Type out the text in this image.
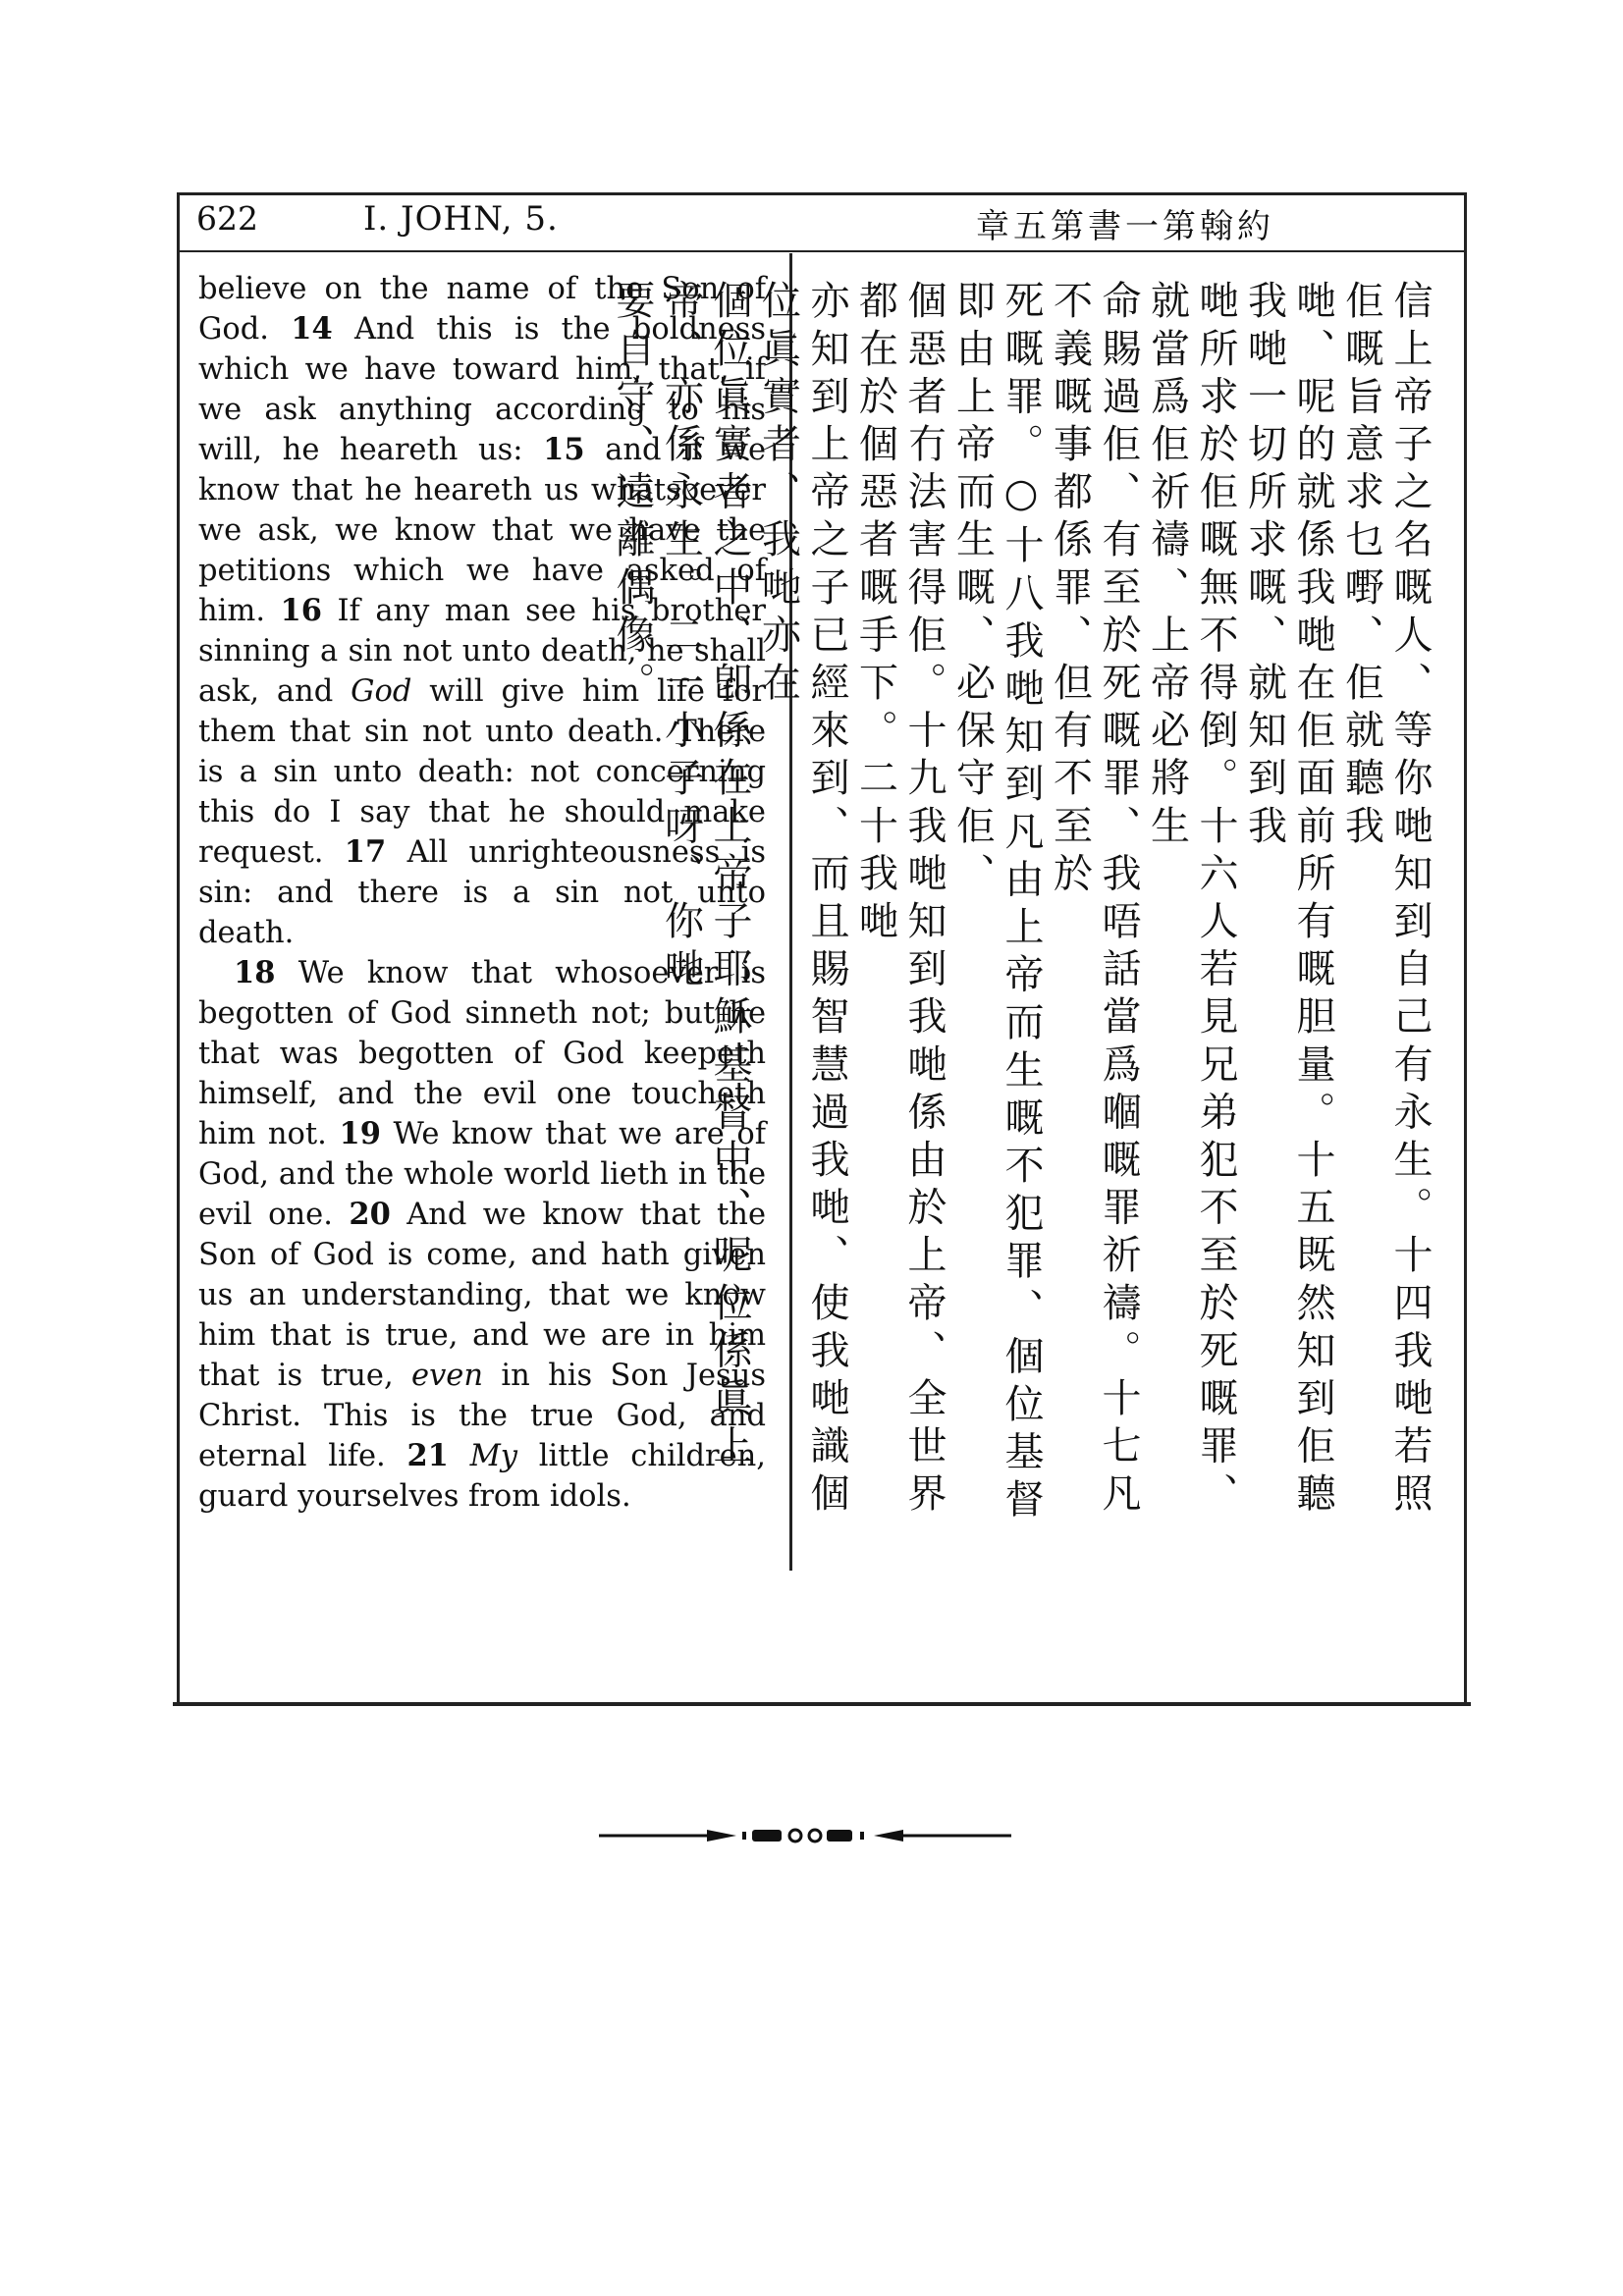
622	I. JOHN, 5.	約翰第一書第五章

believe on the name of the Son of God. 14 And this is the boldness which we have toward him, that, if we ask anything according to his will, he heareth us: 15 and if we know that he heareth us whatsoever we ask, we know that we have the petitions which we have asked of him. 16 If any man see his brother sinning a sin not unto death, he shall ask, and God will give him life for them that sin not unto death. There is a sin unto death: not concerning this do I say that he should make request. 17 All unrighteousness is sin: and there is a sin not unto death.

18 We know that whosoever is begotten of God sinneth not; but he that was begotten of God keepeth himself, and the evil one toucheth him not. 19 We know that we are of God, and the whole world lieth in the evil one. 20 And we know that the Son of God is come, and hath given us an understanding, that we know him that is true, and we are in him that is true, even in his Son Jesus Christ. This is the true God, and eternal life. 21 My little children, guard yourselves from idols.	信上帝子之名嘅人、等你哋知到自己有永生。十四我哋若照佢嘅旨意求乜嘢、佢就聽我
哋、呢的就係我哋在佢面前所有嘅胆量。十五既然知到佢聽我哋一切所求嘅、就知到我
哋所求於佢嘅無不得倒。十六人若見兄弟犯不至於死嘅罪、就當爲佢祈禱、上帝必將生
命賜過佢、有至於死嘅罪、我唔話當爲嗰嘅罪祈禱。十七凡不義嘅事都係罪、但有不至於
死嘅罪。○十八我哋知到凡由上帝而生嘅不犯罪、個位基督即由上帝而生嘅、必保守佢、
個惡者冇法害得佢。十九我哋知到我哋係由於上帝、全世界都在於個惡者嘅手下。二十我哋
亦知到上帝之子已經來到、而且賜智慧過我哋、使我哋識個位眞實者、我哋亦在
個位眞實者之中、卽係在上帝子耶穌基督中、呢位係眞上帝、亦係永生。二一小子呀、你哋
要自守、遠離偶像。
